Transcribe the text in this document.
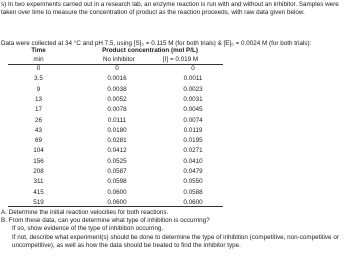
s) In two experiments carried out in a research lab, an enzyme reaction is run with and without an inhibitor. Samples were taken over time to measure the concentration of product as the reaction proceeds, with raw data given below.

Data were collected at 34 °C and pH 7.5, using [S]₀ = 0.115 M (for both trials) & [E]₀ = 0.0024 M (for both trials):

Time	Product concentration (mol P/L)		
min	No inhibitor		[I] = 0.019 M
0	0		0
3.5	0.0016		0.0011
9	0.0038		0.0023
13	0.0052		0.0031
17	0.0078		0.0045
26	0.0111		0.0074
43	0.0180		0.0119
69	0.0281		0.0195
104	0.0412		0.0271
156	0.0525		0.0410
208	0.0587		0.0479
311	0.0598		0.0550
415	0.0600		0.0588
519	0.0600		0.0600

A. Determine the initial reaction velocities for both reactions.

B. From these data, can you determine what type of inhibition is occurring?

If so, show evidence of the type of inhibition occurring.

If not, describe what experiment(s) should be done to determine the type of inhibition (competitive, non-competitive or uncompetitive), as well as how the data should be treated to find the inhibitor type.
